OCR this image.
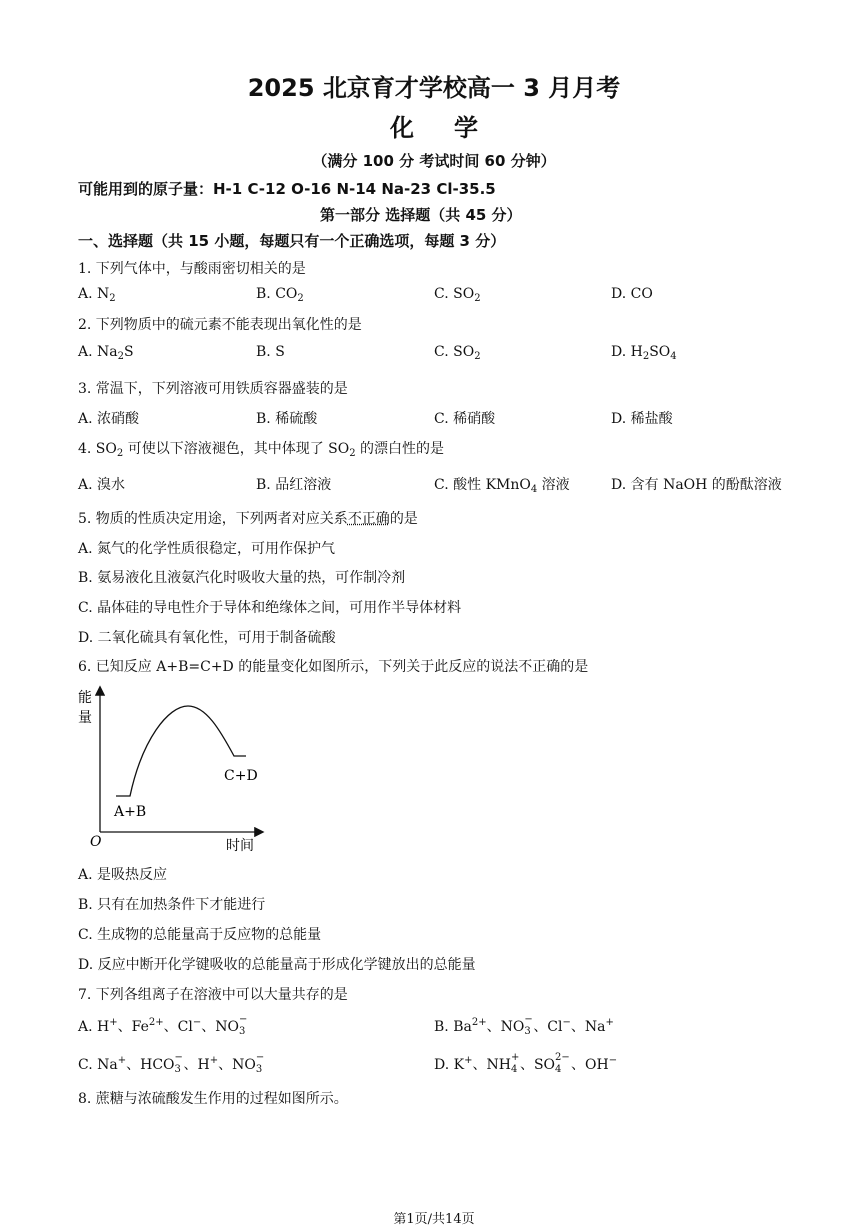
2025 北京育才学校高一 3 月月考
化学
（满分 100 分 考试时间 60 分钟）
可能用到的原子量：H-1 C-12 O-16 N-14 Na-23 Cl-35.5
第一部分 选择题（共 45 分）
一、选择题（共 15 小题，每题只有一个正确选项，每题 3 分）
1. 下列气体中，与酸雨密切相关的是
A. $N_2$	B. $CO_2$	C. $SO_2$	D. CO
2. 下列物质中的硫元素不能表现出氧化性的是
A. $Na_2S$	B. S	C. $SO_2$	D. $H_2SO_4$
3. 常温下，下列溶液可用铁质容器盛装的是
A. 浓硝酸	B. 稀硫酸	C. 稀硝酸	D. 稀盐酸
4. $SO_2$ 可使以下溶液褪色，其中体现了 $SO_2$ 的漂白性的是
A. 溴水	B. 品红溶液	C. 酸性 KMnO$_4$ 溶液	D. 含有 NaOH 的酚酞溶液
5. 物质的性质决定用途，下列两者对应关系不正确的是
A. 氮气的化学性质很稳定，可用作保护气
B. 氨易液化且液氨汽化时吸收大量的热，可作制冷剂
C. 晶体硅的导电性介于导体和绝缘体之间，可用作半导体材料
D. 二氧化硫具有氧化性，可用于制备硫酸
6. 已知反应 A+B=C+D 的能量变化如图所示，下列关于此反应的说法不正确的是
能
量
O	时间
A+B
C+D
A. 是吸热反应
B. 只有在加热条件下才能进行
C. 生成物的总能量高于反应物的总能量
D. 反应中断开化学键吸收的总能量高于形成化学键放出的总能量
7. 下列各组离子在溶液中可以大量共存的是
A. H+、$Fe^{2+}$、Cl−、NO −
3	B. $Ba^{2+}$、NO −
3 、Cl−、Na+
C. Na+、HCO −
3 、H+、NO −
3	D. K+、NH +
4 、SO 2−
4 、OH−
8. 蔗糖与浓硫酸发生作用的过程如图所示。
第1页/共14页
